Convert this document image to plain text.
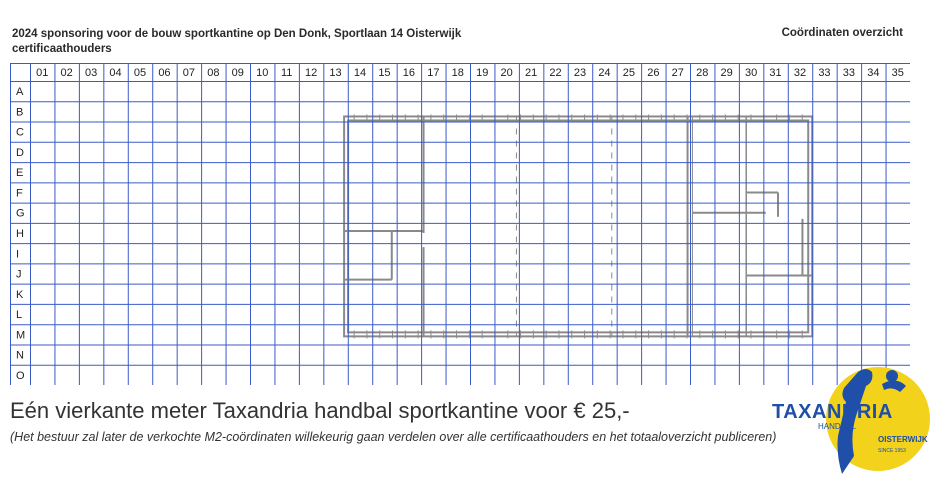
2024 sponsoring voor de bouw sportkantine op Den Donk, Sportlaan 14 Oisterwijk
certificaathouders
Coördinaten overzicht
01 02 03 04 05 06 07 08 09 10 11 12 13 14 15 16 17 18 19 20 21 22 23 24 25 26 27 28 29 30 31 32 33 33 34 35
A
B
C
D
E
F
G
H
I
J
K
L
M
N
O
Eén vierkante meter Taxandria handbal sportkantine voor € 25,-
(Het bestuur zal later de verkochte M2-coördinaten willekeurig gaan verdelen over alle certificaathouders en het totaaloverzicht publiceren)
TAXANDRIA
HANDBAL
OISTERWIJK
SINCE 1953
